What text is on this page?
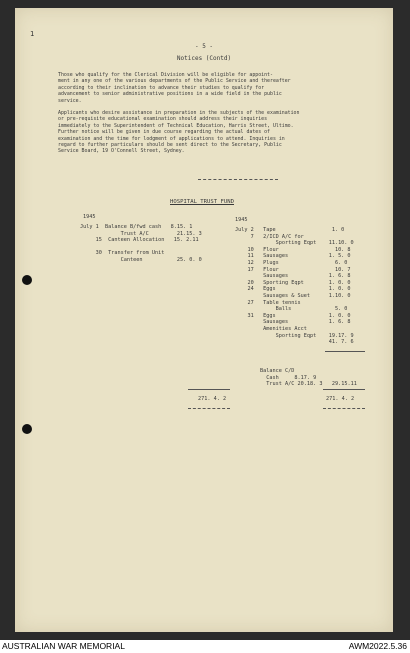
1
- 5 -
Notices (Contd)
Those who qualify for the Clerical Division will be eligible for appoint-
ment in any one of the various departments of the Public Service and thereafter
according to their inclination to advance their studies to qualify for
advancement to senior administrative positions in a wide field in the public
service.
Applicants who desire assistance in preparation in the subjects of the examination
or pre-requisite educational examination should address their inquiries
immediately to the Superintendent of Technical Education, Harris Street, Ultimo.
Further notice will be given in due course regarding the actual dates of
examination and the time for lodgment of applications to attend. Inquiries in
regard to further particulars should be sent direct to the Secretary, Public
Service Board, 19 O'Connell Street, Sydney.
HOSPITAL TRUST FUND
1945
July 1  Balance B/fwd cash   8.15. 1
Trust A/C         21.15. 3
15  Canteen Allocation   15. 2.11

30  Transfer from Unit
Canteen           25. 0. 0
1945
July 2   Tape                  1. 0
7   2/ICD A/C for
Sporting Eqpt    11.10. 0
10   Flour                  10. 8
11   Sausages             1. 5. 0
12   Plugs                  6. 0
17   Flour                  10. 7
Sausages             1. 6. 8
20   Sporting Eqpt        1. 0. 0
24   Eggs                 1. 0. 0
Sausages & Suet      1.10. 0
27   Table tennis
Balls              5. 0
31   Eggs                 1. 0. 0
Sausages             1. 6. 8
Amenities Acct
Sporting Eqpt    19.17. 9
41. 7. 6
Balance C/D
Cash     8.17. 9
Trust A/C 20.18. 3   29.15.11
271. 4. 2	271. 4. 2
AUSTRALIAN WAR MEMORIAL	AWM2022.5.36
